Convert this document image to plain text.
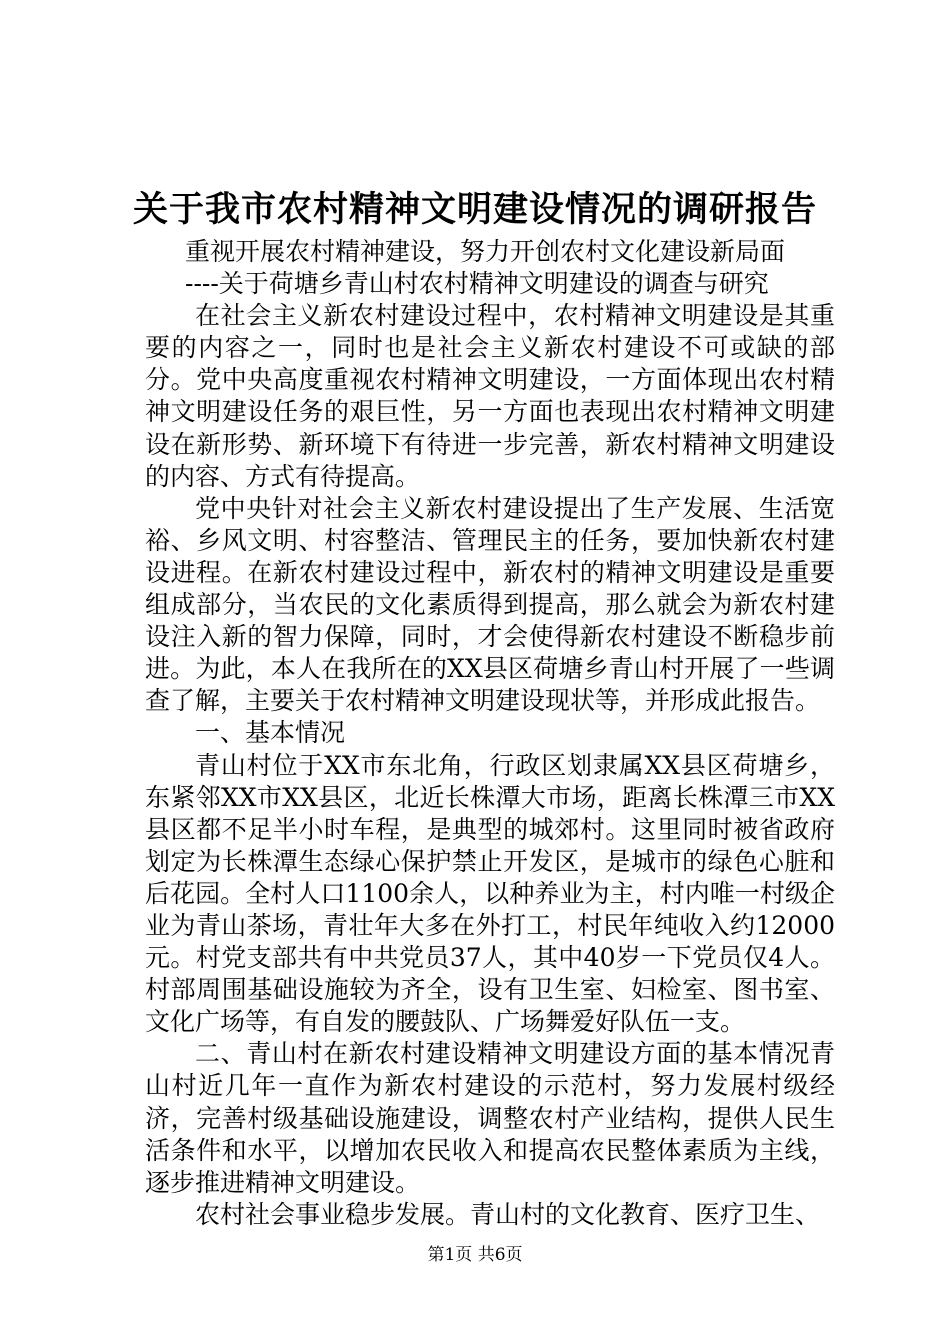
关于我市农村精神文明建设情况的调研报告

重视开展农村精神建设，努力开创农村文化建设新局面

----关于荷塘乡青山村农村精神文明建设的调查与研究

在社会主义新农村建设过程中，农村精神文明建设是其重要的内容之一，同时也是社会主义新农村建设不可或缺的部分。党中央高度重视农村精神文明建设，一方面体现出农村精神文明建设任务的艰巨性，另一方面也表现出农村精神文明建设在新形势、新环境下有待进一步完善，新农村精神文明建设的内容、方式有待提高。

党中央针对社会主义新农村建设提出了生产发展、生活宽裕、乡风文明、村容整洁、管理民主的任务，要加快新农村建设进程。在新农村建设过程中，新农村的精神文明建设是重要组成部分，当农民的文化素质得到提高，那么就会为新农村建设注入新的智力保障，同时，才会使得新农村建设不断稳步前进。为此，本人在我所在的XX县区荷塘乡青山村开展了一些调查了解，主要关于农村精神文明建设现状等，并形成此报告。

一、基本情况

青山村位于XX市东北角，行政区划隶属XX县区荷塘乡，东紧邻XX市XX县区，北近长株潭大市场，距离长株潭三市XX县区都不足半小时车程，是典型的城郊村。这里同时被省政府划定为长株潭生态绿心保护禁止开发区，是城市的绿色心脏和后花园。全村人口1100余人，以种养业为主，村内唯一村级企业为青山茶场，青壮年大多在外打工，村民年纯收入约12000元。村党支部共有中共党员37人，其中40岁一下党员仅4人。村部周围基础设施较为齐全，设有卫生室、妇检室、图书室、文化广场等，有自发的腰鼓队、广场舞爱好队伍一支。

二、青山村在新农村建设精神文明建设方面的基本情况青山村近几年一直作为新农村建设的示范村，努力发展村级经济，完善村级基础设施建设，调整农村产业结构，提供人民生活条件和水平，以增加农民收入和提高农民整体素质为主线，逐步推进精神文明建设。

农村社会事业稳步发展。青山村的文化教育、医疗卫生、

第1页 共6页
